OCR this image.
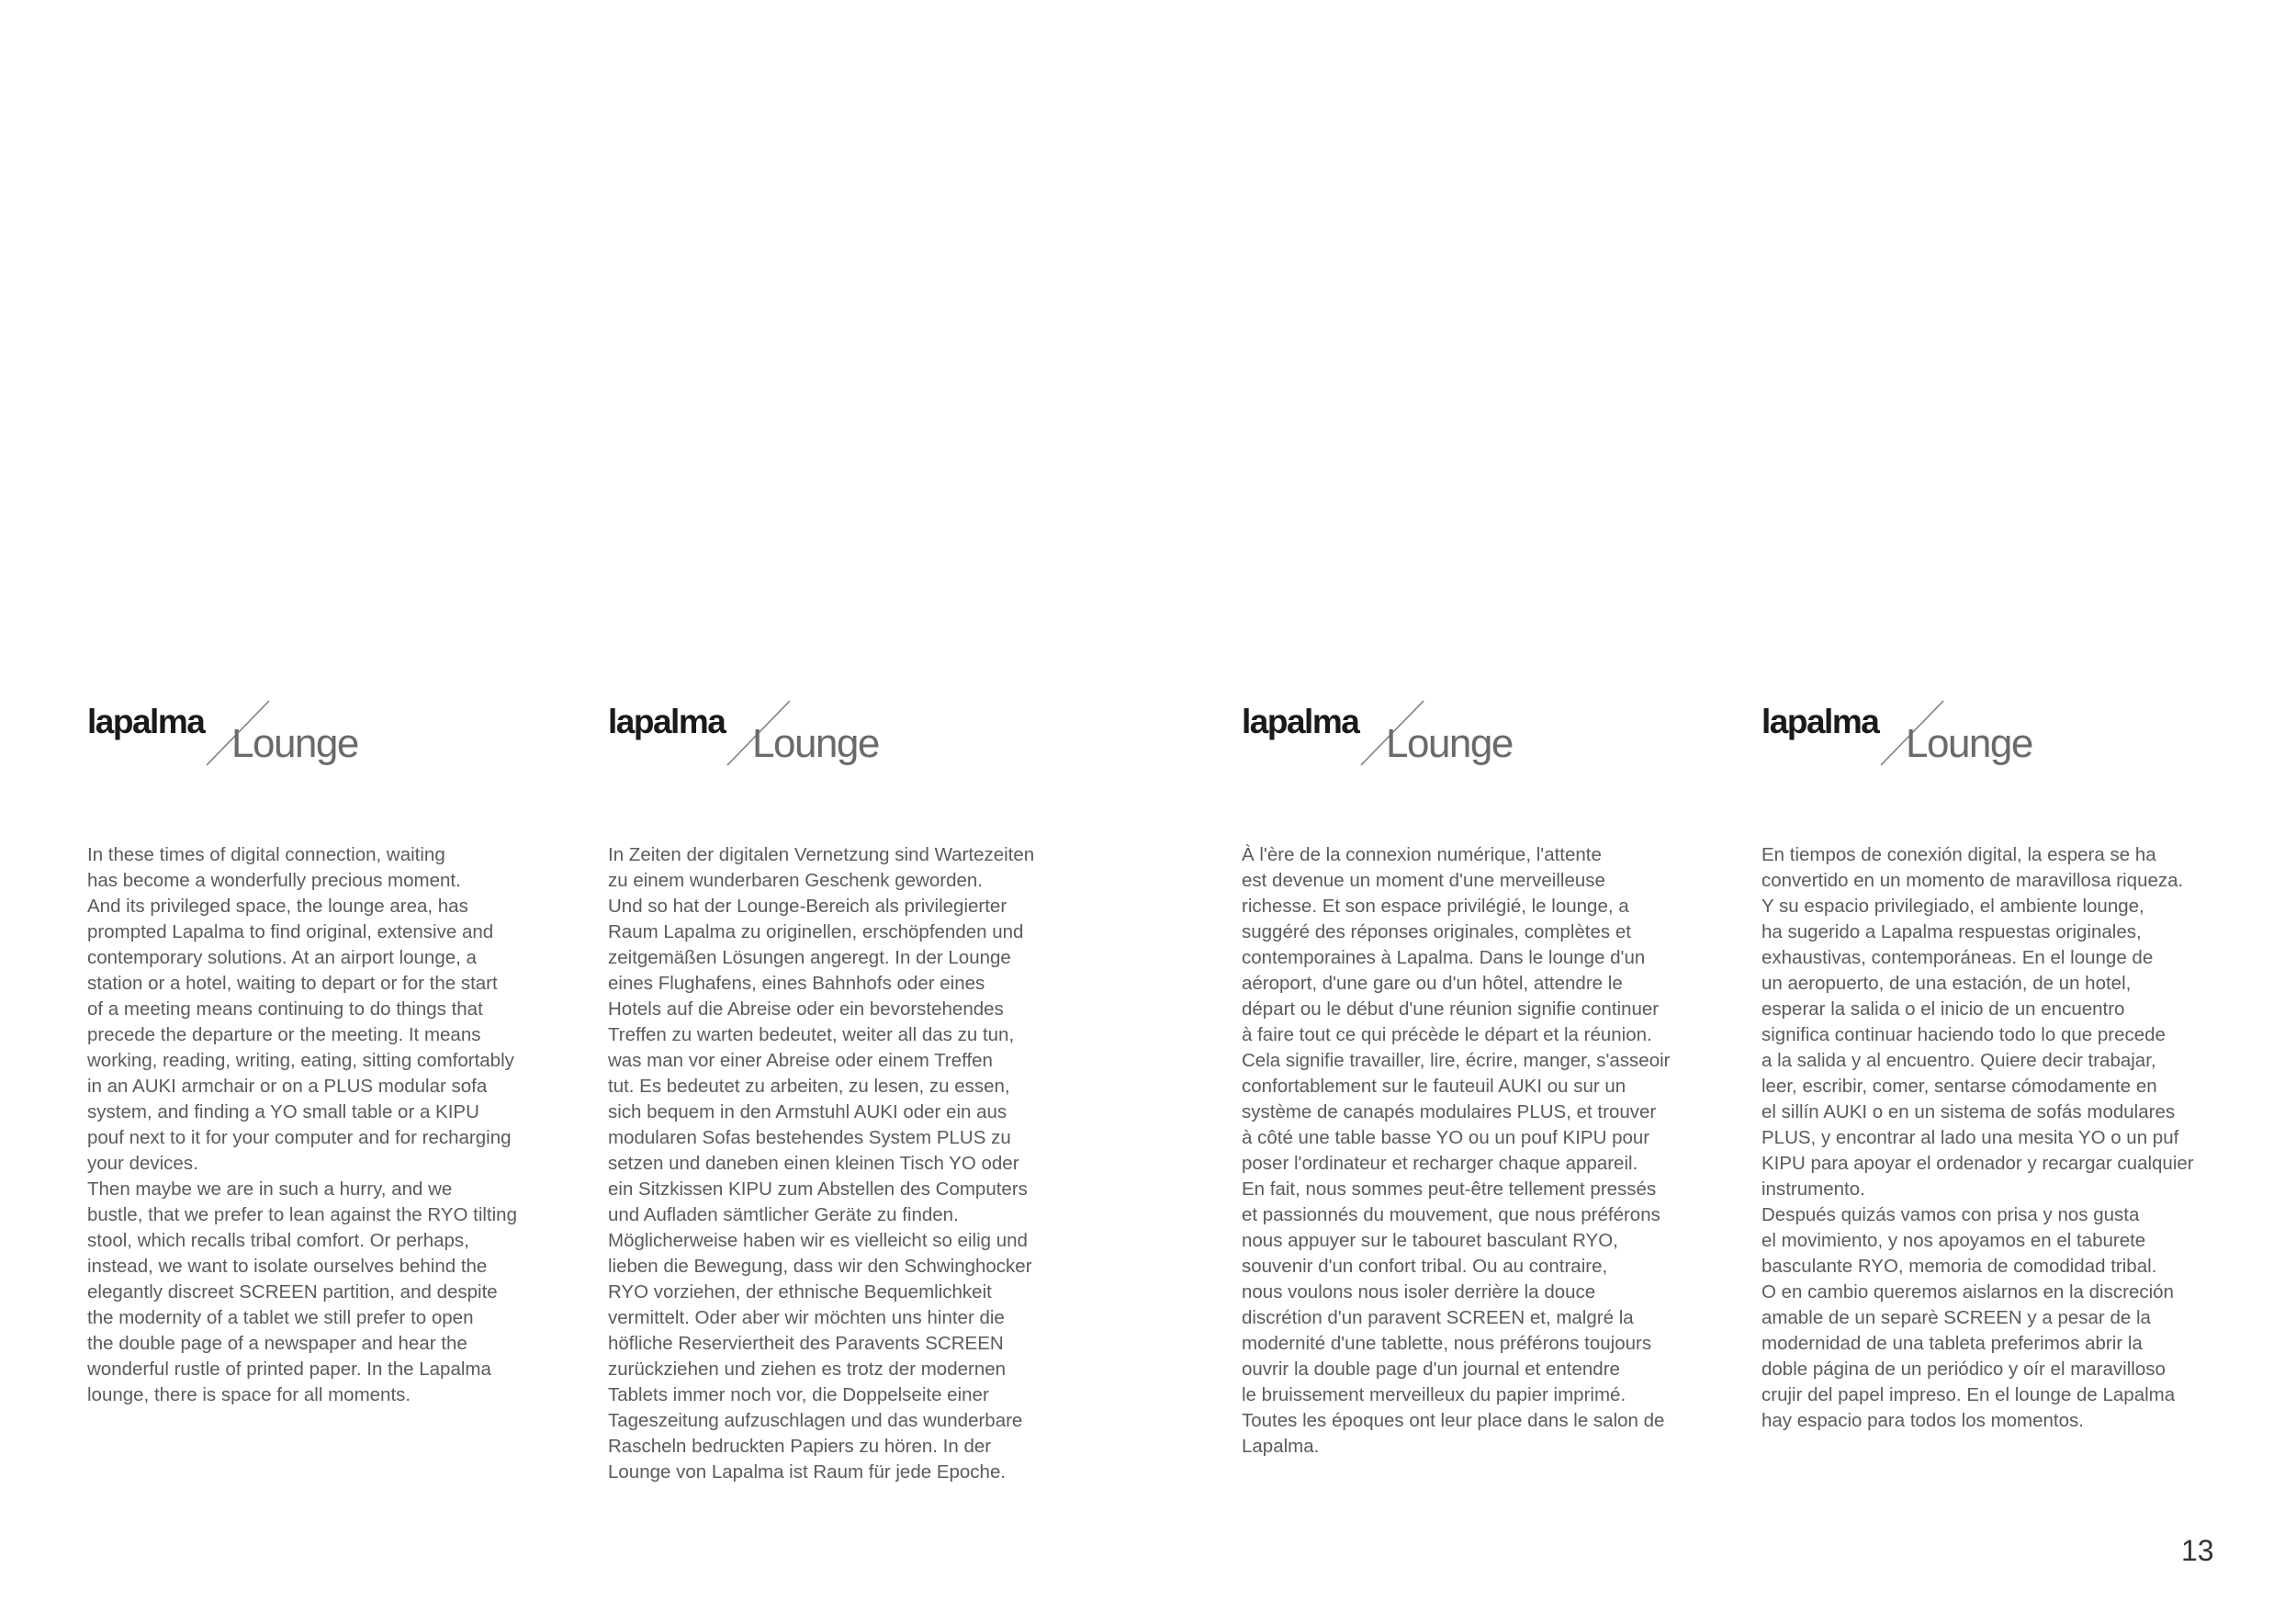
lapalma Lounge
In these times of digital connection, waiting
has become a wonderfully precious moment.
And its privileged space, the lounge area, has
prompted Lapalma to find original, extensive and
contemporary solutions. At an airport lounge, a
station or a hotel, waiting to depart or for the start
of a meeting means continuing to do things that
precede the departure or the meeting. It means
working, reading, writing, eating, sitting comfortably
in an AUKI armchair or on a PLUS modular sofa
system, and finding a YO small table or a KIPU
pouf next to it for your computer and for recharging
your devices.
Then maybe we are in such a hurry, and we
bustle, that we prefer to lean against the RYO tilting
stool, which recalls tribal comfort. Or perhaps,
instead, we want to isolate ourselves behind the
elegantly discreet SCREEN partition, and despite
the modernity of a tablet we still prefer to open
the double page of a newspaper and hear the
wonderful rustle of printed paper. In the Lapalma
lounge, there is space for all moments.
lapalma Lounge
In Zeiten der digitalen Vernetzung sind Wartezeiten
zu einem wunderbaren Geschenk geworden.
Und so hat der Lounge-Bereich als privilegierter
Raum Lapalma zu originellen, erschöpfenden und
zeitgemäßen Lösungen angeregt. In der Lounge
eines Flughafens, eines Bahnhofs oder eines
Hotels auf die Abreise oder ein bevorstehendes
Treffen zu warten bedeutet, weiter all das zu tun,
was man vor einer Abreise oder einem Treffen
tut. Es bedeutet zu arbeiten, zu lesen, zu essen,
sich bequem in den Armstuhl AUKI oder ein aus
modularen Sofas bestehendes System PLUS zu
setzen und daneben einen kleinen Tisch YO oder
ein Sitzkissen KIPU zum Abstellen des Computers
und Aufladen sämtlicher Geräte zu finden.
Möglicherweise haben wir es vielleicht so eilig und
lieben die Bewegung, dass wir den Schwinghocker
RYO vorziehen, der ethnische Bequemlichkeit
vermittelt. Oder aber wir möchten uns hinter die
höfliche Reserviertheit des Paravents SCREEN
zurückziehen und ziehen es trotz der modernen
Tablets immer noch vor, die Doppelseite einer
Tageszeitung aufzuschlagen und das wunderbare
Rascheln bedruckten Papiers zu hören. In der
Lounge von Lapalma ist Raum für jede Epoche.
lapalma Lounge
À l'ère de la connexion numérique, l'attente
est devenue un moment d'une merveilleuse
richesse. Et son espace privilégié, le lounge, a
suggéré des réponses originales, complètes et
contemporaines à Lapalma. Dans le lounge d'un
aéroport, d'une gare ou d'un hôtel, attendre le
départ ou le début d'une réunion signifie continuer
à faire tout ce qui précède le départ et la réunion.
Cela signifie travailler, lire, écrire, manger, s'asseoir
confortablement sur le fauteuil AUKI ou sur un
système de canapés modulaires PLUS, et trouver
à côté une table basse YO ou un pouf KIPU pour
poser l'ordinateur et recharger chaque appareil.
En fait, nous sommes peut-être tellement pressés
et passionnés du mouvement, que nous préférons
nous appuyer sur le tabouret basculant RYO,
souvenir d'un confort tribal. Ou au contraire,
nous voulons nous isoler derrière la douce
discrétion d'un paravent SCREEN et, malgré la
modernité d'une tablette, nous préférons toujours
ouvrir la double page d'un journal et entendre
le bruissement merveilleux du papier imprimé.
Toutes les époques ont leur place dans le salon de
Lapalma.
lapalma Lounge
En tiempos de conexión digital, la espera se ha
convertido en un momento de maravillosa riqueza.
Y su espacio privilegiado, el ambiente lounge,
ha sugerido a Lapalma respuestas originales,
exhaustivas, contemporáneas. En el lounge de
un aeropuerto, de una estación, de un hotel,
esperar la salida o el inicio de un encuentro
significa continuar haciendo todo lo que precede
a la salida y al encuentro. Quiere decir trabajar,
leer, escribir, comer, sentarse cómodamente en
el sillín AUKI o en un sistema de sofás modulares
PLUS, y encontrar al lado una mesita YO o un puf
KIPU para apoyar el ordenador y recargar cualquier
instrumento.
Después quizás vamos con prisa y nos gusta
el movimiento, y nos apoyamos en el taburete
basculante RYO, memoria de comodidad tribal.
O en cambio queremos aislarnos en la discreción
amable de un separè SCREEN y a pesar de la
modernidad de una tableta preferimos abrir la
doble página de un periódico y oír el maravilloso
crujir del papel impreso. En el lounge de Lapalma
hay espacio para todos los momentos.
13
